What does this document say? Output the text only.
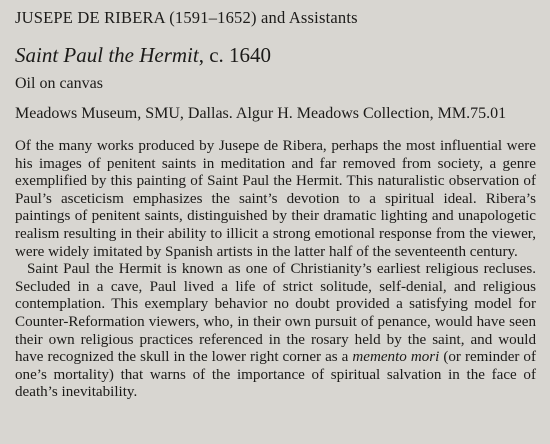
JUSEPE DE RIBERA (1591–1652) and Assistants
Saint Paul the Hermit, c. 1640
Oil on canvas
Meadows Museum, SMU, Dallas. Algur H. Meadows Collection, MM.75.01

Of the many works produced by Jusepe de Ribera, perhaps the most influential were his images of penitent saints in meditation and far removed from society, a genre exemplified by this painting of Saint Paul the Hermit. This naturalistic observation of Paul’s asceticism emphasizes the saint’s devotion to a spiritual ideal. Ribera’s paintings of penitent saints, distinguished by their dramatic lighting and unapologetic realism resulting in their ability to illicit a strong emotional response from the viewer, were widely imitated by Spanish artists in the latter half of the seventeenth century.

Saint Paul the Hermit is known as one of Christianity’s earliest religious recluses. Secluded in a cave, Paul lived a life of strict solitude, self-denial, and religious contemplation. This exemplary behavior no doubt provided a satisfying model for Counter-Reformation viewers, who, in their own pursuit of penance, would have seen their own religious practices referenced in the rosary held by the saint, and would have recognized the skull in the lower right corner as a memento mori (or reminder of one’s mortality) that warns of the importance of spiritual salvation in the face of death’s inevitability.
